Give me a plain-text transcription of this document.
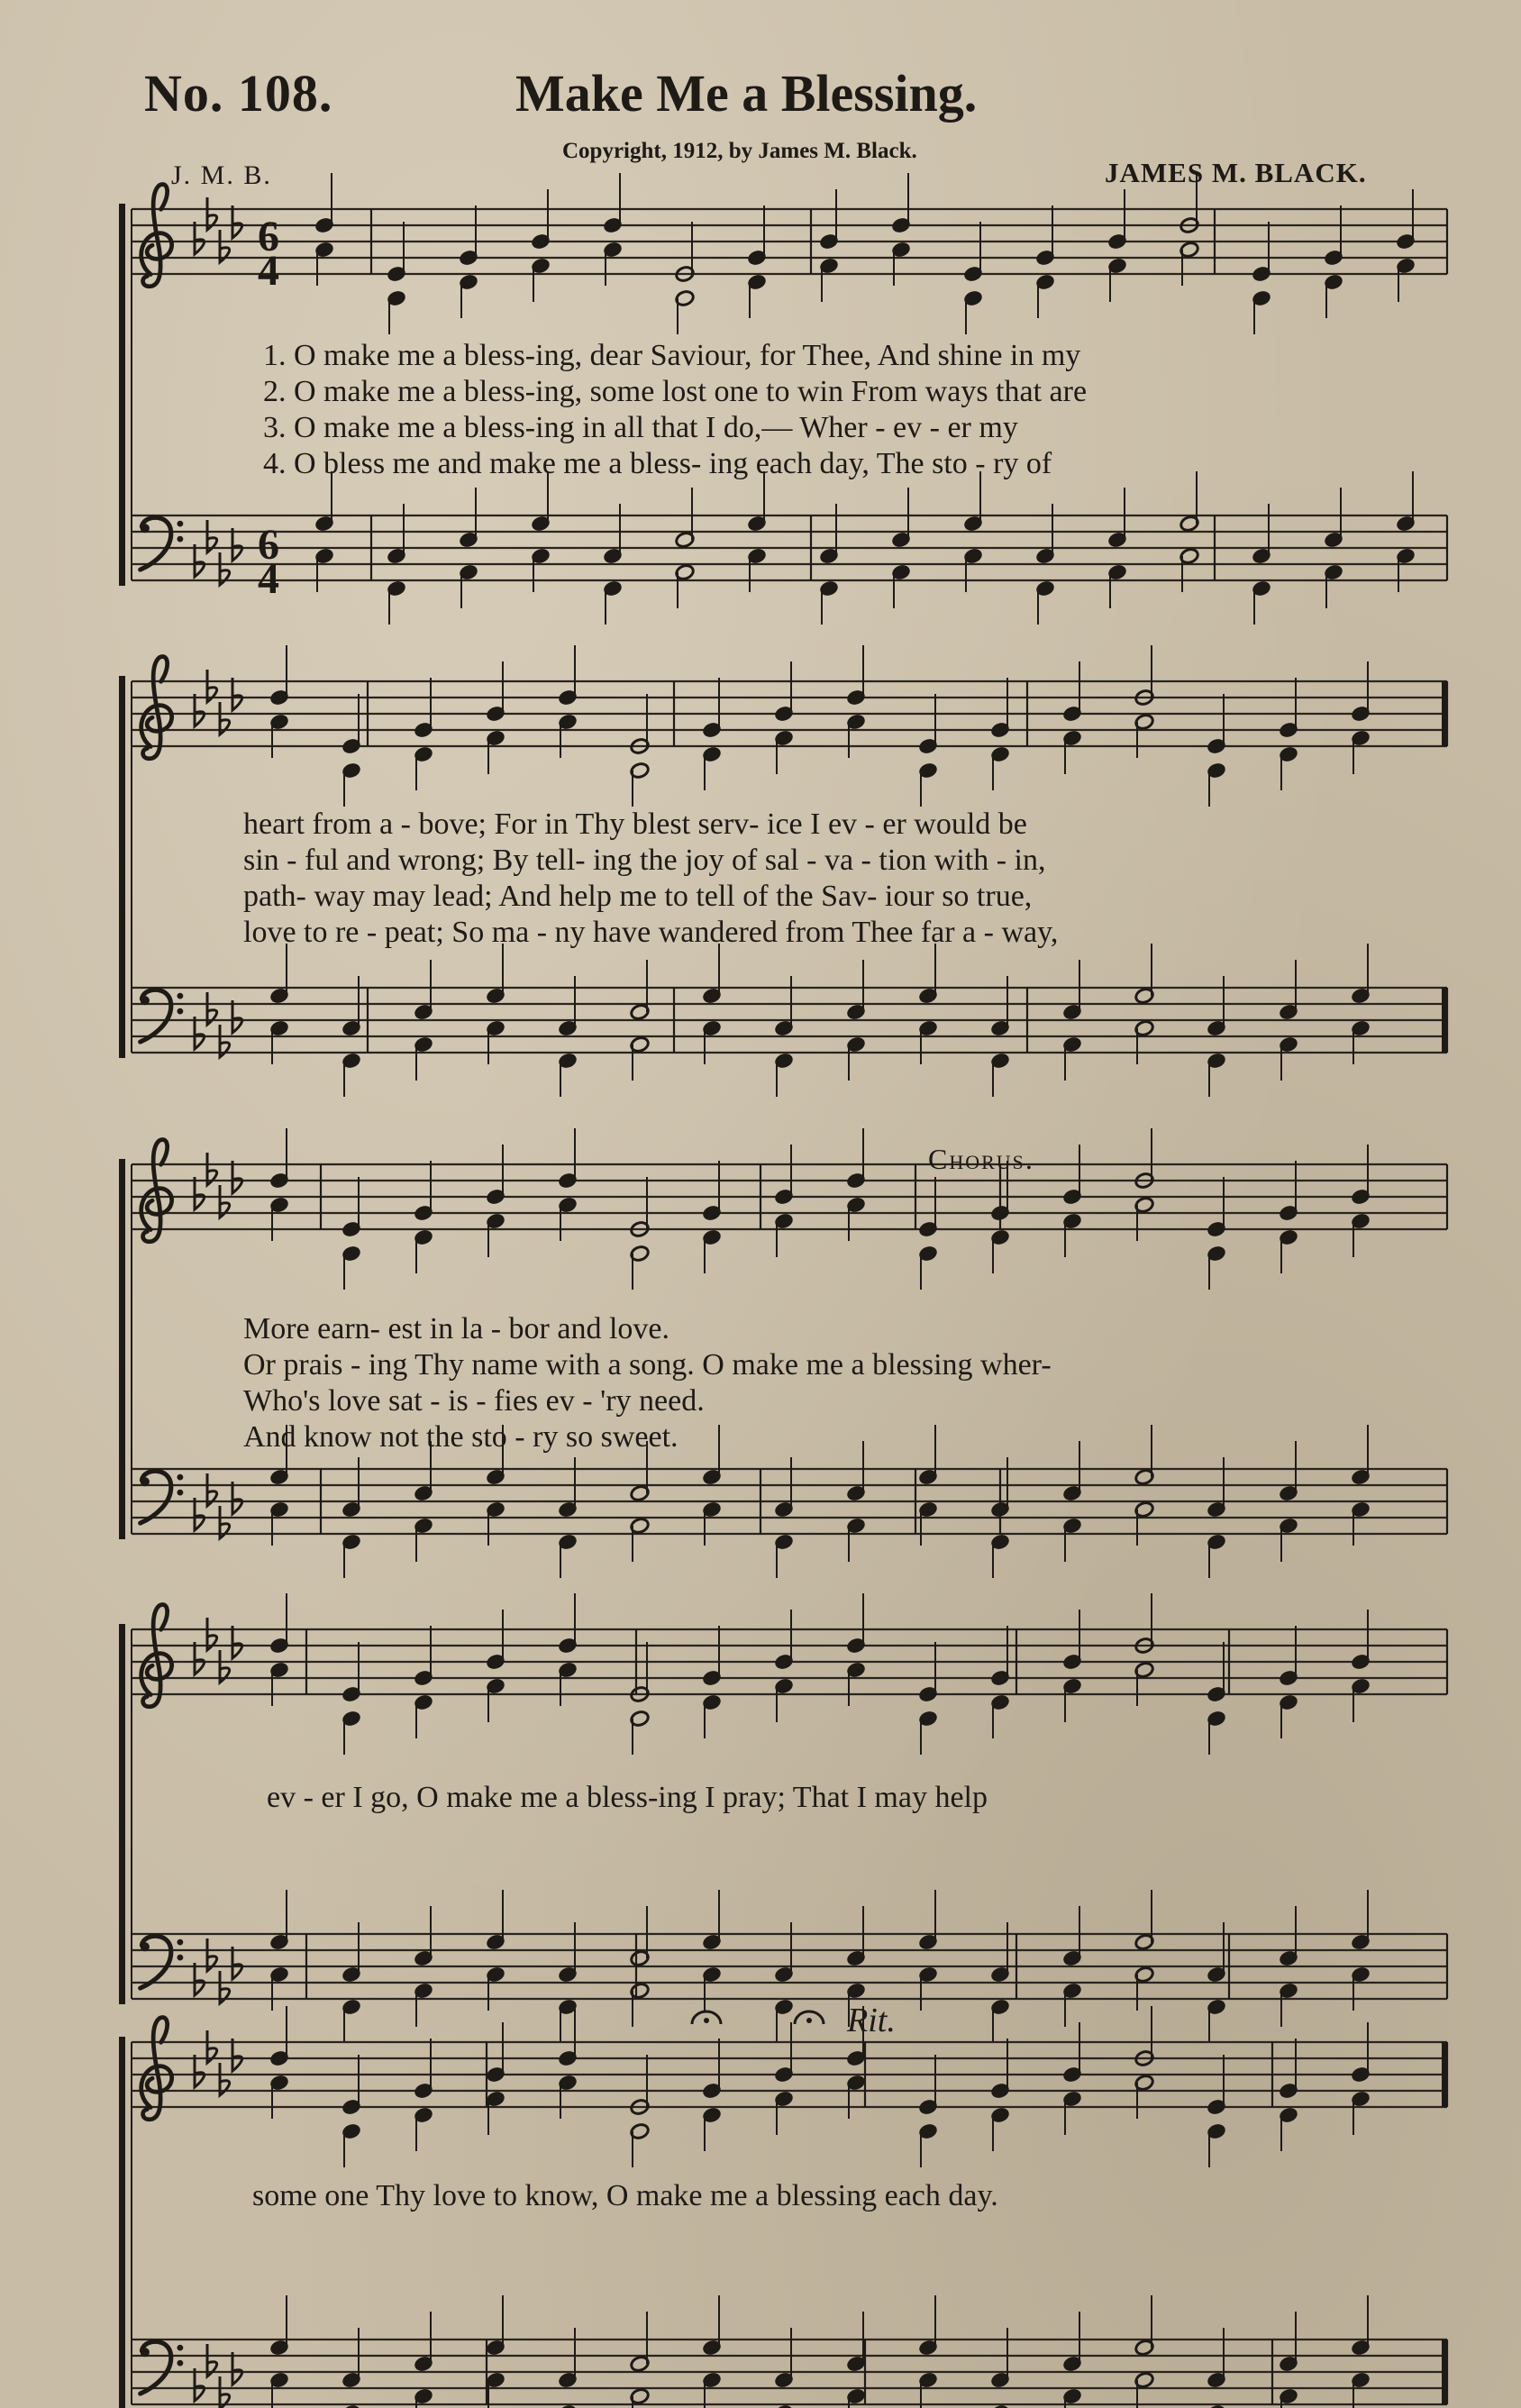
No. 108.	Make Me a Blessing.
Copyright, 1912, by James M. Black.
J. M. B.	JAMES M. BLACK.
6
4
6
4
Chorus.
Rit.
1. O make me a bless-ing, dear Saviour, for Thee, And shine in my
2. O make me a bless-ing, some lost one to win From ways that are
3. O make me a bless-ing in all that I do,— Wher - ev - er my
4. O bless me and make me a bless- ing each day, The sto - ry of
heart from a - bove; For in Thy blest serv- ice I ev - er would be
sin - ful and wrong; By tell- ing the joy of sal - va - tion with - in,
path- way may lead; And help me to tell of the Sav- iour so true,
love to re - peat; So ma - ny have wandered from Thee far a - way,
More earn- est in la - bor and love.
Or prais - ing Thy name with a song. O make me a blessing wher-
Who's love sat - is - fies ev - 'ry need.
And know not the sto - ry so sweet.
ev - er I go, O make me a bless-ing I pray; That I may help
some one Thy love to know, O make me a blessing each day.
